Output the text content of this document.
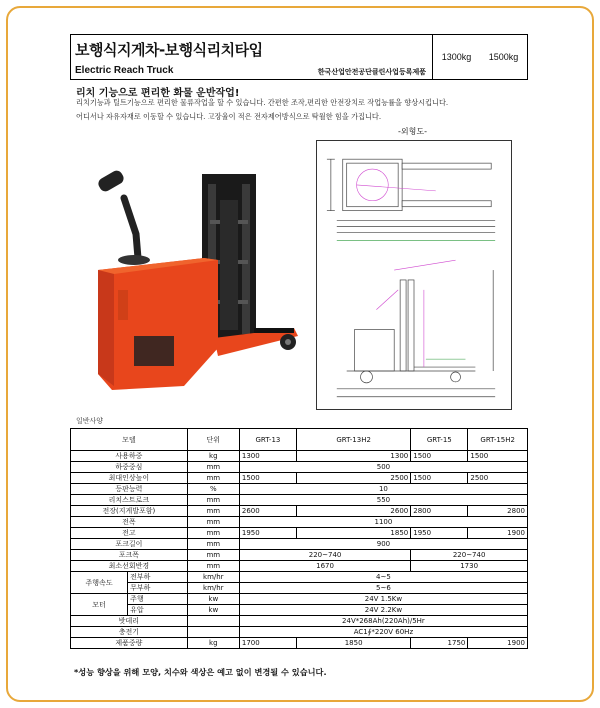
보행식지게차-보행식리치타입
Electric Reach Truck	한국산업안전공단클린사업등록제품
1300kg 1500kg
리치 기능으로 편리한 화물 운반작업!
리치기능과 틸트기능으로 편리한 물류작업을 할 수 있습니다. 간편한 조작,편리한 안전장치로 작업능률을 향상시킵니다.
어디서나 자유자재로 이동할 수 있습니다. 고장율이 적은 전자제어방식으로 탁월한 힘을 가집니다.
-외형도-
일반사양
모델		단위	GRT-13	GRT-13H2	GRT-15	GRT-15H2
사용하중		kg	1300	1300	1500	1500
하중중심		mm	500			
최대인상높이		mm	1500	2500	1500	2500
등판능력		%	10			
리치스트로크		mm	550			
전장(지게발포함)		mm	2600	2600	2800	2800
전폭		mm	1100			
전고		mm	1950	1850	1950	1900
포크길이		mm	900			
포크폭		mm	220~740		220~740	
최소선회반경		mm	1670		1730	
주행속도	전부하	km/hr	4~5			
	무부하	km/hr	5~6			
모터	주행	kw	24V 1.5Kw			
	유압	kw	24V 2.2Kw			
밧데리			24V*268Ah(220Ah)/5Hr			
충전기			AC1∮*220V 60Hz			
제품중량		kg	1700	1850	1750	1900
*성능 향상을 위해 모양, 치수와 색상은 예고 없이 변경될 수 있습니다.
